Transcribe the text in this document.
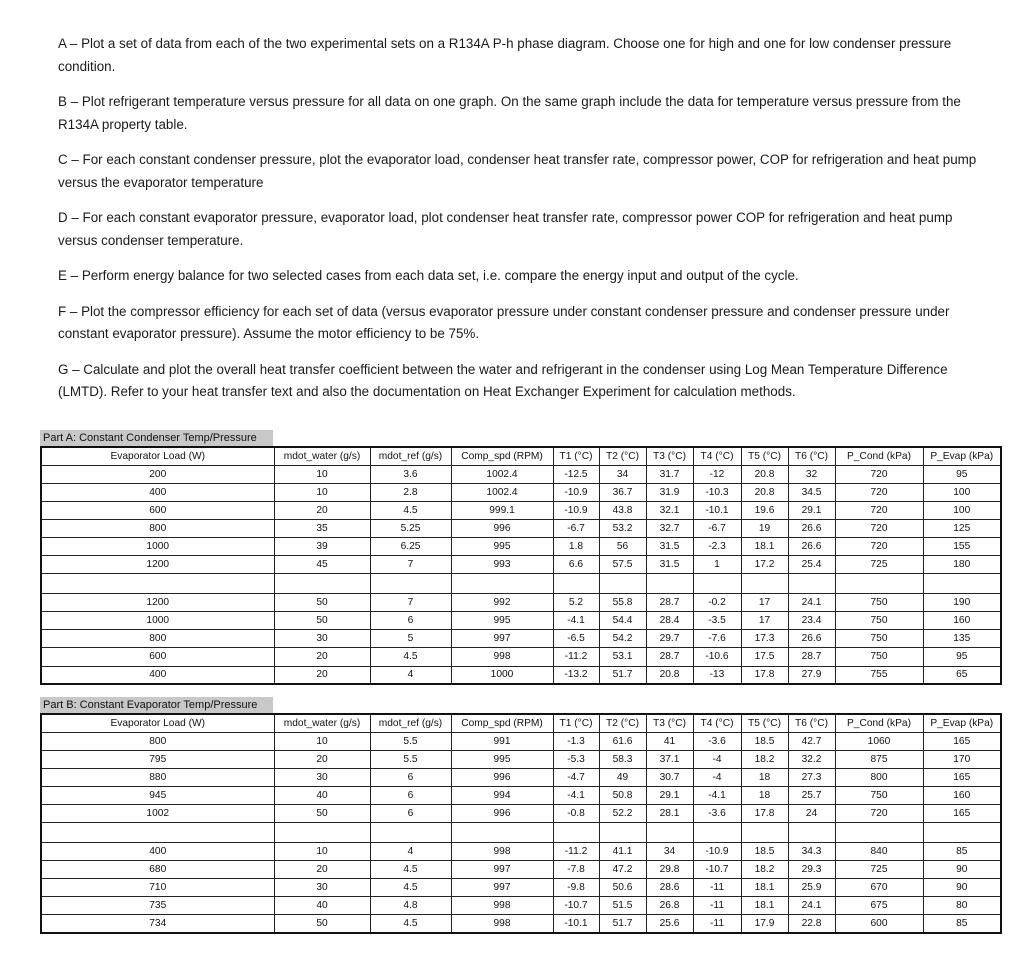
A – Plot a set of data from each of the two experimental sets on a R134A P-h phase diagram. Choose one for high and one for low condenser pressure condition.

B – Plot refrigerant temperature versus pressure for all data on one graph. On the same graph include the data for temperature versus pressure from the R134A property table.

C – For each constant condenser pressure, plot the evaporator load, condenser heat transfer rate, compressor power, COP for refrigeration and heat pump versus the evaporator temperature

D – For each constant evaporator pressure, evaporator load, plot condenser heat transfer rate, compressor power COP for refrigeration and heat pump versus condenser temperature.

E – Perform energy balance for two selected cases from each data set, i.e. compare the energy input and output of the cycle.

F – Plot the compressor efficiency for each set of data (versus evaporator pressure under constant condenser pressure and condenser pressure under constant evaporator pressure). Assume the motor efficiency to be 75%.

G – Calculate and plot the overall heat transfer coefficient between the water and refrigerant in the condenser using Log Mean Temperature Difference (LMTD). Refer to your heat transfer text and also the documentation on Heat Exchanger Experiment for calculation methods.

Part A: Constant Condenser Temp/Pressure
Evaporator Load (W)	mdot_water (g/s)	mdot_ref (g/s)	Comp_spd (RPM)	T1 (°C)	T2 (°C)	T3 (°C)	T4 (°C)	T5 (°C)	T6 (°C)	P_Cond (kPa)	P_Evap (kPa)
200	10	3.6	1002.4	-12.5	34	31.7	-12	20.8	32	720	95
400	10	2.8	1002.4	-10.9	36.7	31.9	-10.3	20.8	34.5	720	100
600	20	4.5	999.1	-10.9	43.8	32.1	-10.1	19.6	29.1	720	100
800	35	5.25	996	-6.7	53.2	32.7	-6.7	19	26.6	720	125
1000	39	6.25	995	1.8	56	31.5	-2.3	18.1	26.6	720	155
1200	45	7	993	6.6	57.5	31.5	1	17.2	25.4	725	180

1200	50	7	992	5.2	55.8	28.7	-0.2	17	24.1	750	190
1000	50	6	995	-4.1	54.4	28.4	-3.5	17	23.4	750	160
800	30	5	997	-6.5	54.2	29.7	-7.6	17.3	26.6	750	135
600	20	4.5	998	-11.2	53.1	28.7	-10.6	17.5	28.7	750	95
400	20	4	1000	-13.2	51.7	20.8	-13	17.8	27.9	755	65
Part B: Constant Evaporator Temp/Pressure
Evaporator Load (W)	mdot_water (g/s)	mdot_ref (g/s)	Comp_spd (RPM)	T1 (°C)	T2 (°C)	T3 (°C)	T4 (°C)	T5 (°C)	T6 (°C)	P_Cond (kPa)	P_Evap (kPa)
800	10	5.5	991	-1.3	61.6	41	-3.6	18.5	42.7	1060	165
795	20	5.5	995	-5.3	58.3	37.1	-4	18.2	32.2	875	170
880	30	6	996	-4.7	49	30.7	-4	18	27.3	800	165
945	40	6	994	-4.1	50.8	29.1	-4.1	18	25.7	750	160
1002	50	6	996	-0.8	52.2	28.1	-3.6	17.8	24	720	165

400	10	4	998	-11.2	41.1	34	-10.9	18.5	34.3	840	85
680	20	4.5	997	-7.8	47.2	29.8	-10.7	18.2	29.3	725	90
710	30	4.5	997	-9.8	50.6	28.6	-11	18.1	25.9	670	90
735	40	4.8	998	-10.7	51.5	26.8	-11	18.1	24.1	675	80
734	50	4.5	998	-10.1	51.7	25.6	-11	17.9	22.8	600	85
